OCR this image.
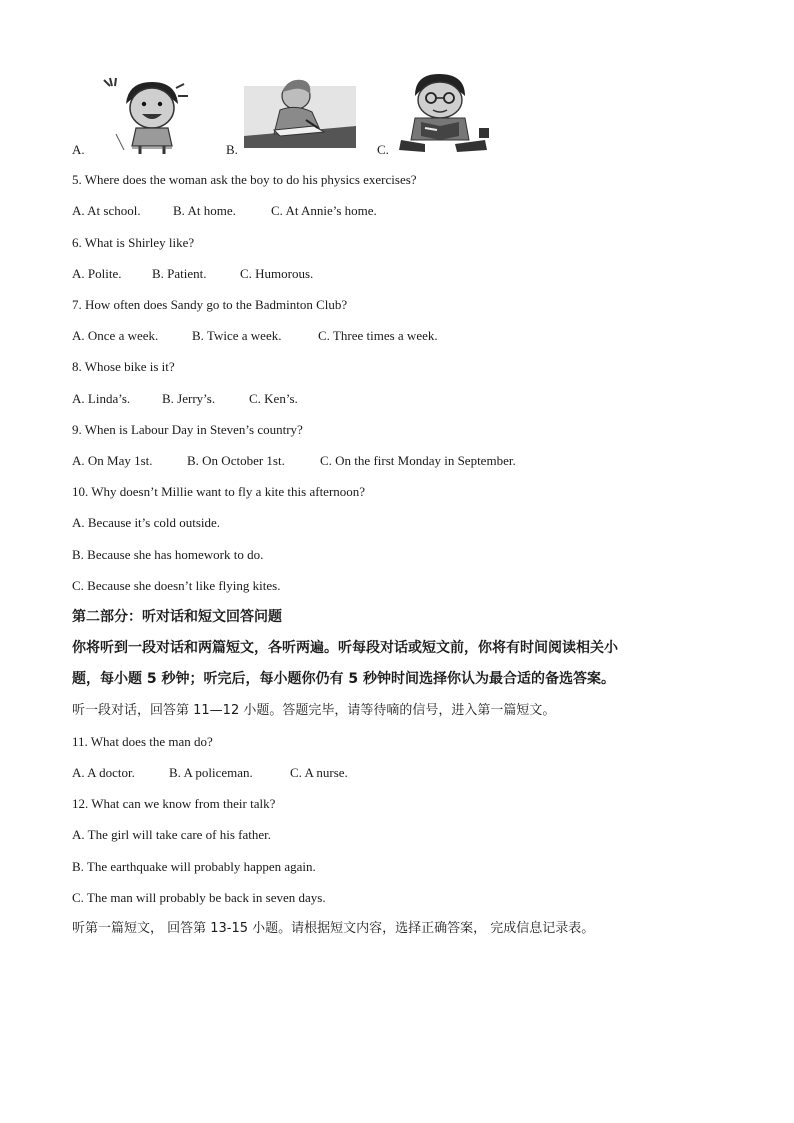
A.	B.	C.
5. Where does the woman ask the boy to do his physics exercises?
A. At school. B. At home.	C. At Annie’s home.
6. What is Shirley like?
A. Polite. B. Patient.	C. Humorous.
7. How often does Sandy go to the Badminton Club?
A. Once a week.	B. Twice a week.	C. Three times a week.
8. Whose bike is it?
A. Linda’s. B. Jerry’s.	C. Ken’s.
9. When is Labour Day in Steven’s country?
A. On May 1st.	B. On October 1st.	C. On the first Monday in September.
10. Why doesn’t Millie want to fly a kite this afternoon?
A. Because it’s cold outside.
B. Because she has homework to do.
C. Because she doesn’t like flying kites.
第二部分：听对话和短文回答问题
你将听到一段对话和两篇短文，各听两遍。听每段对话或短文前，你将有时间阅读相关小
题，每小题 5 秒钟；听完后，每小题你仍有 5 秒钟时间选择你认为最合适的备选答案。
听一段对话，回答第 11—12 小题。答题完毕，请等待嘀的信号，进入第一篇短文。
11. What does the man do?
A. A doctor.	B. A policeman.	C. A nurse.
12. What can we know from their talk?
A. The girl will take care of his father.
B. The earthquake will probably happen again.
C. The man will probably be back in seven days.
听第一篇短文， 回答第 13-15 小题。请根据短文内容，选择正确答案， 完成信息记录表。
